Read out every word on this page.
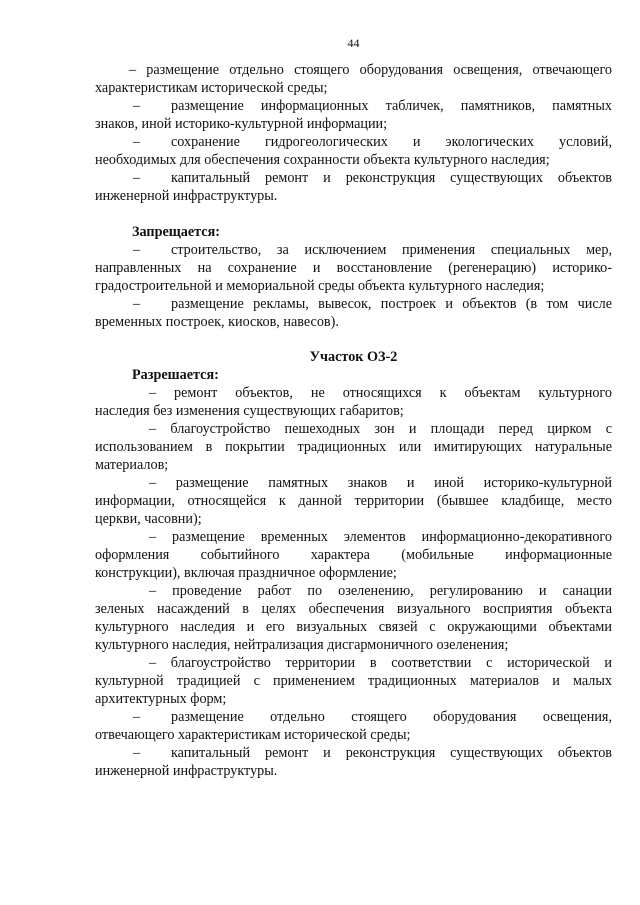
44
– размещение отдельно стоящего оборудования освещения, отвечающего
характеристикам исторической среды;
–	размещение информационных табличек, памятников, памятных
знаков, иной историко-культурной информации;
–	сохранение гидрогеологических и экологических условий,
необходимых для обеспечения сохранности объекта культурного наследия;
–	капитальный ремонт и реконструкция существующих объектов
инженерной инфраструктуры.
Запрещается:
–	строительство, за исключением применения специальных мер,
направленных на сохранение и восстановление (регенерацию) историко-
градостроительной и мемориальной среды объекта культурного наследия;
–	размещение рекламы, вывесок, построек и объектов (в том числе
временных построек, киосков, навесов).
Участок ОЗ-2
Разрешается:
– ремонт объектов, не относящихся к объектам культурного
наследия без изменения существующих габаритов;
– благоустройство пешеходных зон и площади перед цирком с
использованием в покрытии традиционных или имитирующих натуральные
материалов;
– размещение памятных знаков и иной историко-культурной
информации, относящейся к данной территории (бывшее кладбище, место
церкви, часовни);
– размещение временных элементов информационно-декоративного
оформления событийного характера (мобильные информационные
конструкции), включая праздничное оформление;
– проведение работ по озеленению, регулированию и санации
зеленых насаждений в целях обеспечения визуального восприятия объекта
культурного наследия и его визуальных связей с окружающими объектами
культурного наследия, нейтрализация дисгармоничного озеленения;
– благоустройство территории в соответствии с исторической и
культурной традицией с применением традиционных материалов и малых
архитектурных форм;
–	размещение отдельно стоящего оборудования освещения,
отвечающего характеристикам исторической среды;
–	капитальный ремонт и реконструкция существующих объектов
инженерной инфраструктуры.
